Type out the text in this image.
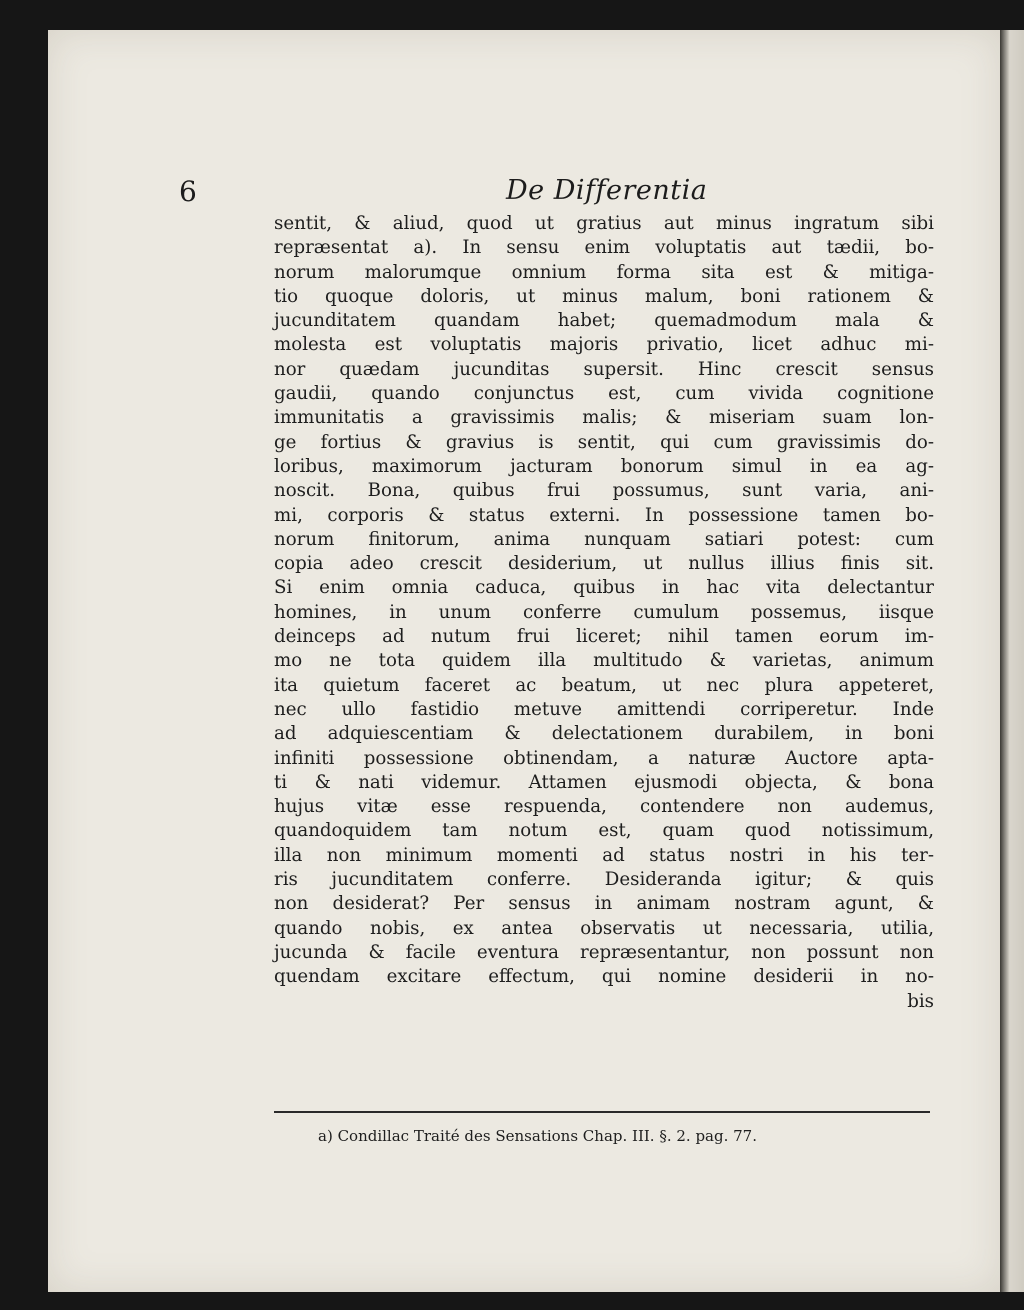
6	De Differentia
sentit, & aliud, quod ut gratius aut minus ingratum sibi
repræsentat a). In sensu enim voluptatis aut tædii, bo-
norum malorumque omnium forma sita est & mitiga-
tio quoque doloris, ut minus malum, boni rationem &
jucunditatem quandam habet; quemadmodum mala &
molesta est voluptatis majoris privatio, licet adhuc mi-
nor quædam jucunditas supersit. Hinc crescit sensus
gaudii, quando conjunctus est, cum vivida cognitione
immunitatis a gravissimis malis; & miseriam suam lon-
ge fortius & gravius is sentit, qui cum gravissimis do-
loribus, maximorum jacturam bonorum simul in ea ag-
noscit. Bona, quibus frui possumus, sunt varia, ani-
mi, corporis & status externi. In possessione tamen bo-
norum finitorum, anima nunquam satiari potest: cum
copia adeo crescit desiderium, ut nullus illius finis sit.
Si enim omnia caduca, quibus in hac vita delectantur
homines, in unum conferre cumulum possemus, iisque
deinceps ad nutum frui liceret; nihil tamen eorum im-
mo ne tota quidem illa multitudo & varietas, animum
ita quietum faceret ac beatum, ut nec plura appeteret,
nec ullo fastidio metuve amittendi corriperetur. Inde
ad adquiescentiam & delectationem durabilem, in boni
infiniti possessione obtinendam, a naturæ Auctore apta-
ti & nati videmur. Attamen ejusmodi objecta, & bona
hujus vitæ esse respuenda, contendere non audemus,
quandoquidem tam notum est, quam quod notissimum,
illa non minimum momenti ad status nostri in his ter-
ris jucunditatem conferre. Desideranda igitur; & quis
non desiderat? Per sensus in animam nostram agunt, &
quando nobis, ex antea observatis ut necessaria, utilia,
jucunda & facile eventura repræsentantur, non possunt non
quendam excitare effectum, qui nomine desiderii in no-
bis
a) Condillac Traité des Sensations Chap. III. §. 2. pag. 77.
